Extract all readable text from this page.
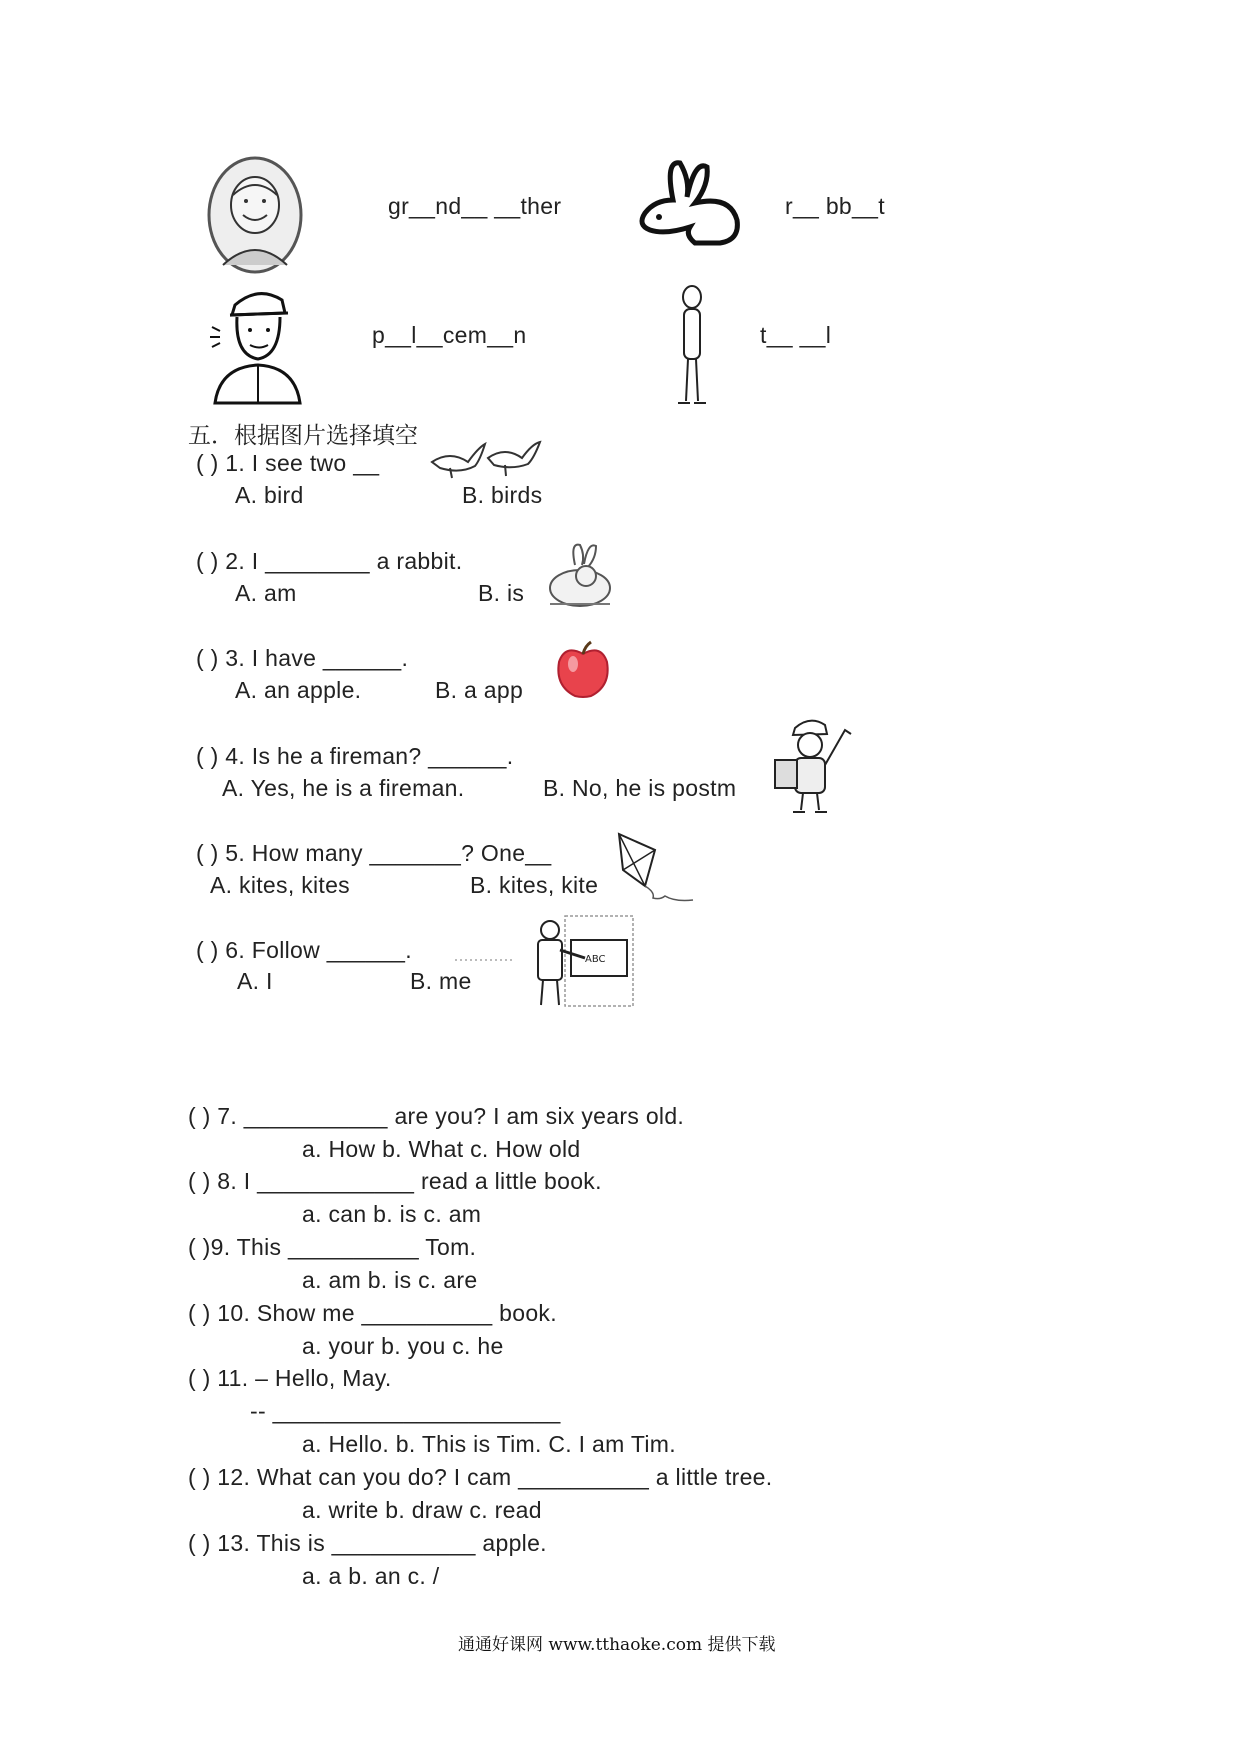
gr__nd__ __ther	r__ bb__t
p__l__cem__n	t__ __l
五．根据图片选择填空
( ) 1. I see two __
A. bird	B. birds
( ) 2. I ________ a rabbit.
A. am	B. is
( ) 3. I have ______.
A. an apple.	B. a app
( ) 4. Is he a fireman? ______.
A. Yes, he is a fireman.	B. No, he is postm
( ) 5. How many _______? One__
A. kites, kites	B. kites, kite
( ) 6. Follow ______.	ABC
A. I	B. me
( ) 7. ___________ are you? I am six years old.
a. How b. What c. How old
( ) 8. I ____________ read a little book.
a. can b. is c. am
( )9. This __________ Tom.
a. am b. is c. are
( ) 10. Show me __________ book.
a. your b. you c. he
( ) 11. – Hello, May.
-- ______________________
a. Hello. b. This is Tim. C. I am Tim.
( ) 12. What can you do? I cam __________ a little tree.
a. write b. draw c. read
( ) 13. This is ___________ apple.
a. a b. an c. /
通通好课网 www.tthaoke.com 提供下载
